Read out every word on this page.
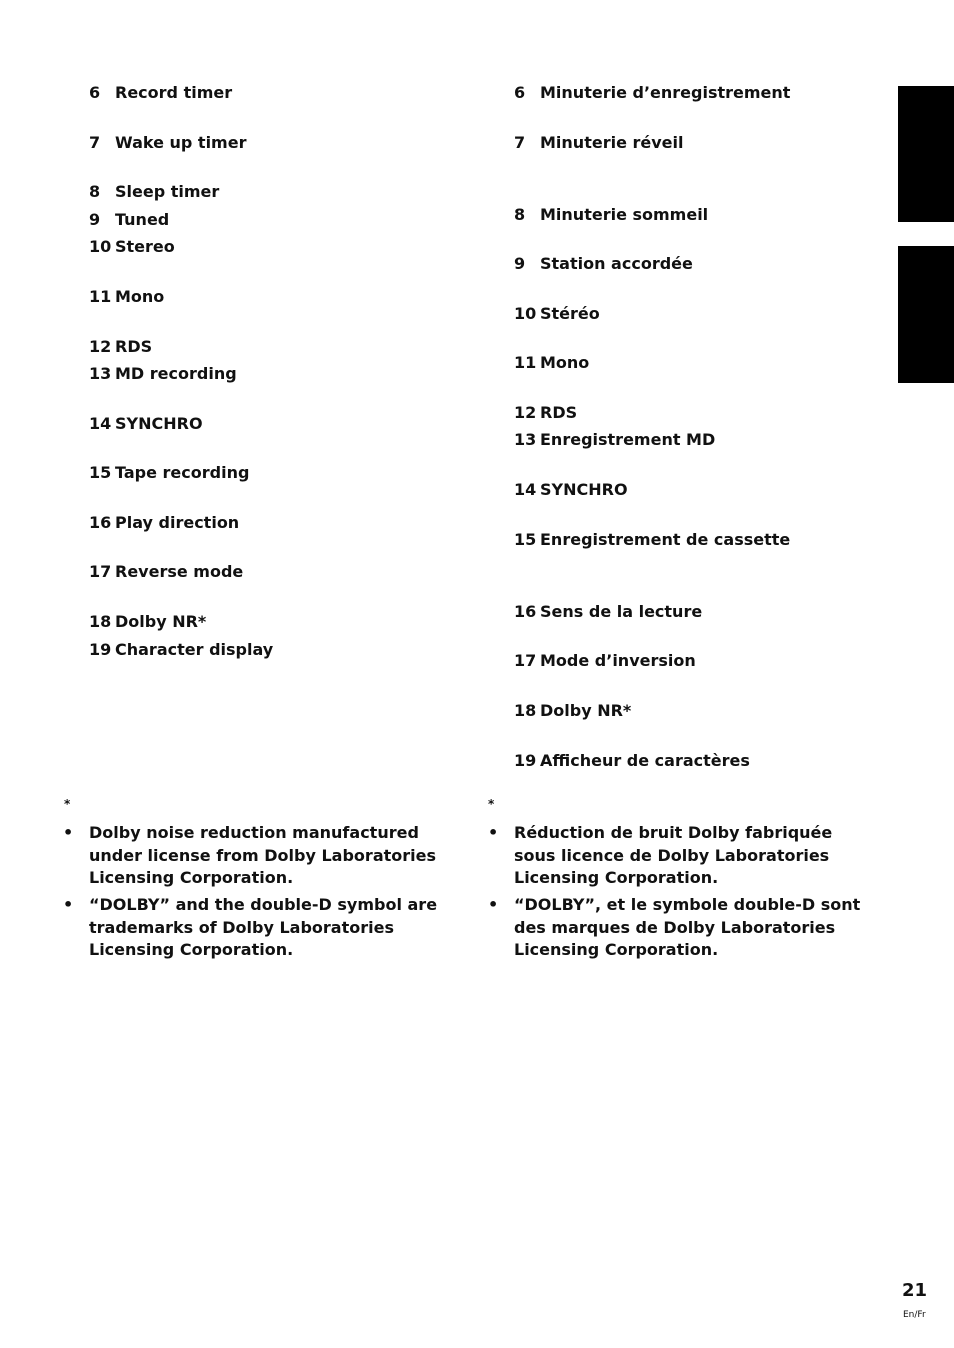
6 Record timer
7 Wake up timer
8 Sleep timer
9 Tuned
10 Stereo
11 Mono
12 RDS
13 MD recording
14 SYNCHRO
15 Tape recording
16 Play direction
17 Reverse mode
18 Dolby NR*
19 Character display
*
• Dolby noise reduction manufactured under license from Dolby Laboratories Licensing Corporation.
• “DOLBY” and the double-D symbol are trademarks of Dolby Laboratories Licensing Corporation.
6 Minuterie d’enregistrement
7 Minuterie réveil
8 Minuterie sommeil
9 Station accordée
10 Stéréo
11 Mono
12 RDS
13 Enregistrement MD
14 SYNCHRO
15 Enregistrement de cassette
16 Sens de la lecture
17 Mode d’inversion
18 Dolby NR*
19 Afficheur de caractères
*
• Réduction de bruit Dolby fabriquée sous licence de Dolby Laboratories Licensing Corporation.
• “DOLBY”, et le symbole double-D sont des marques de Dolby Laboratories Licensing Corporation.
21
En/Fr
